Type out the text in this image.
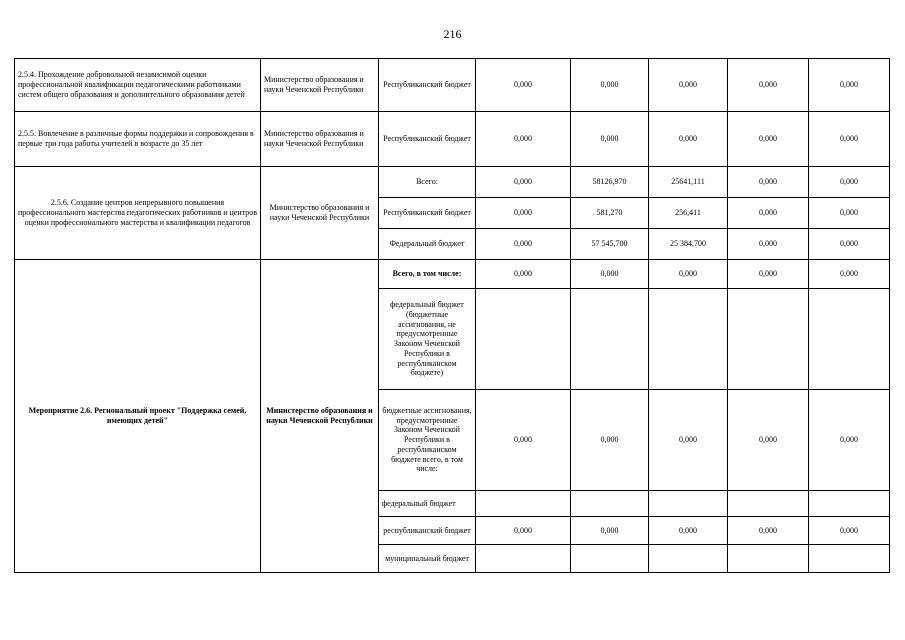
216
2.5.4. Прохождение добровольной независимой оценки профессиональной квалификации педагогическими работниками систем общего образования и дополнительного образования детей	Министерство образования и науки Чеченской Республики	Республиканский бюджет	0,000	0,000	0,000	0,000	0,000
2.5.5. Вовлечение в различные формы поддержки и сопровождения в первые три года работы учителей в возрасте до 35 лет	Министерство образования и науки Чеченской Республики	Республиканский бюджет	0,000	0,000	0,000	0,000	0,000
2.5.6. Создание центров непрерывного повышения профессионального мастерства педагогических работников и центров оценки профессионального мастерства и квалификации педагогов	Министерство образования и науки Чеченской Республики	Всего:	0,000	58126,970	25641,111	0,000	0,000
		Республиканский бюджет	0,000	581,270	256,411	0,000	0,000
		Федеральный бюджет	0,000	57 545,700	25 384,700	0,000	0,000
Мероприятие 2.6. Региональный проект "Поддержка семей, имеющих детей"	Министерство образования и науки Чеченской Республики	Всего, в том числе:	0,000	0,000	0,000	0,000	0,000
		федеральный бюджет (бюджетные ассигнования, не предусмотренные Законом Чеченской Республики в республиканском бюджете)					
		бюджетные ассигнования, предусмотренные Законом Чеченской Республики в республиканском бюджете всего, в том числе:	0,000	0,000	0,000	0,000	0,000
		федеральный бюджет					
		республиканский бюджет	0,000	0,000	0,000	0,000	0,000
		муниципальный бюджет					
